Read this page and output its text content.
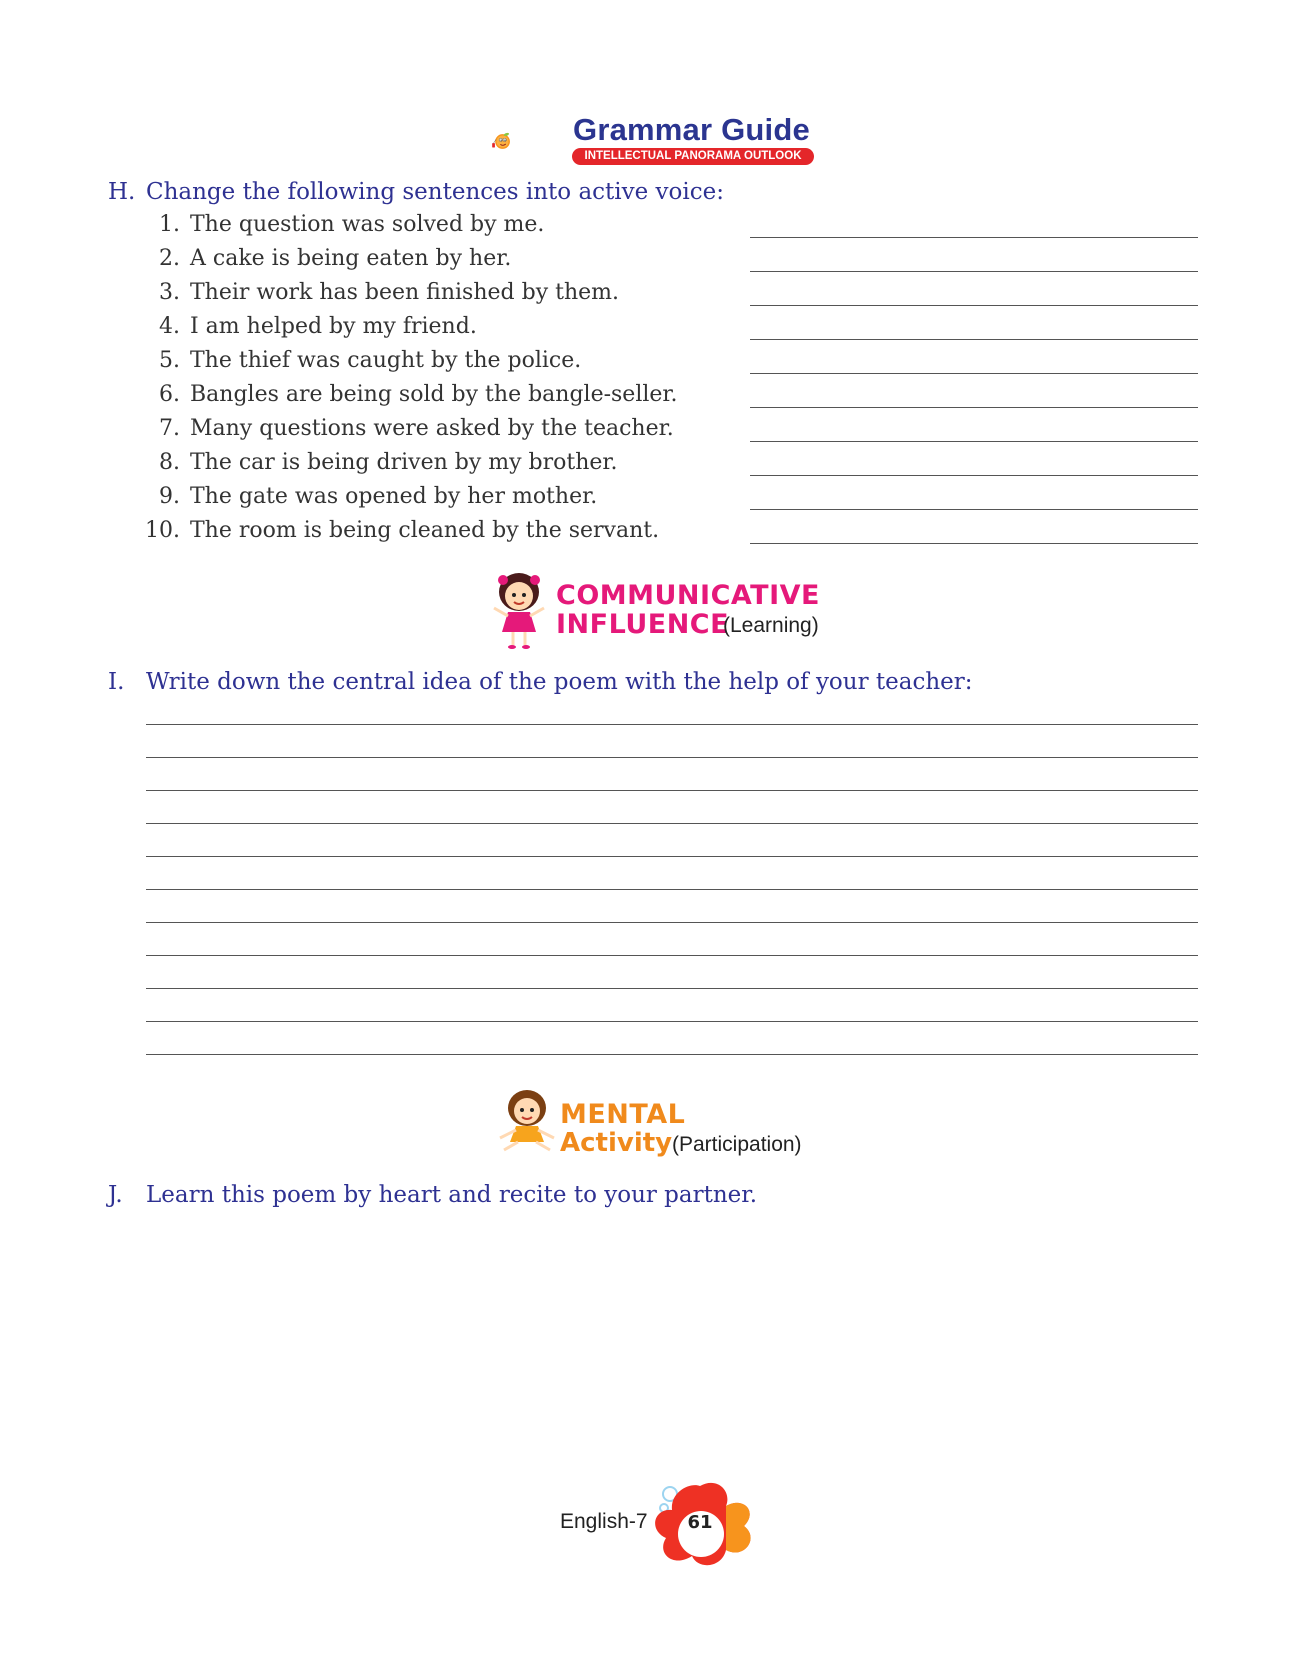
Grammar Guide
INTELLECTUAL PANORAMA OUTLOOK
H. Change the following sentences into active voice:
1. The question was solved by me.
2. A cake is being eaten by her.
3. Their work has been finished by them.
4. I am helped by my friend.
5. The thief was caught by the police.
6. Bangles are being sold by the bangle-seller.
7. Many questions were asked by the teacher.
8. The car is being driven by my brother.
9. The gate was opened by her mother.
10. The room is being cleaned by the servant.
COMMUNICATIVE
INFLUENCE
(Learning)
I. Write down the central idea of the poem with the help of your teacher:
MENTAL
Activity (Participation)
J. Learn this poem by heart and recite to your partner.
English-7	61
